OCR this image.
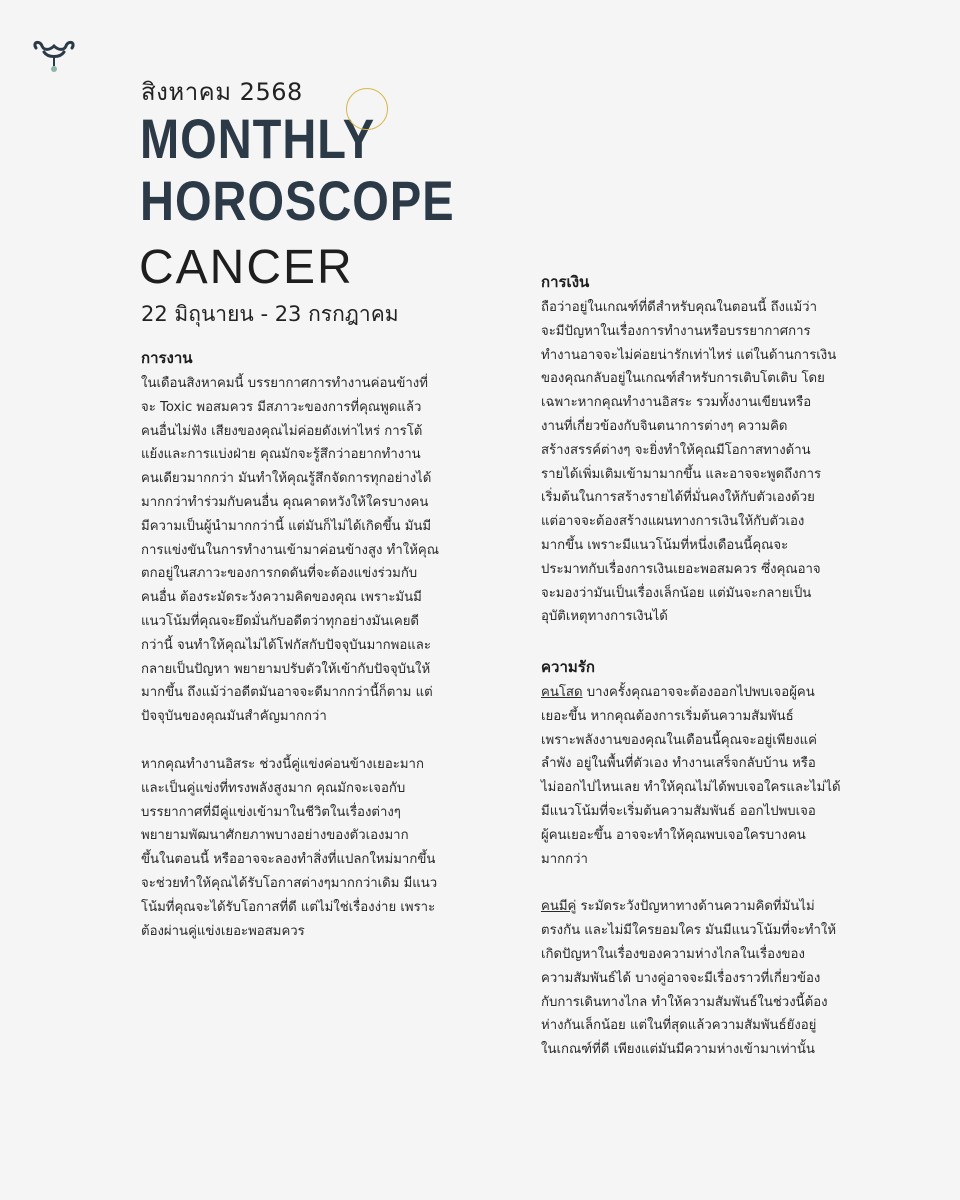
สิงหาคม 2568
MONTHLY
HOROSCOPE
CANCER
22 มิถุนายน - 23 กรกฎาคม
การงาน

ในเดือนสิงหาคมนี้ บรรยากาศการทำงานค่อนข้างที่
จะ Toxic พอสมควร มีสภาวะของการที่คุณพูดแล้ว
คนอื่นไม่ฟัง เสียงของคุณไม่ค่อยดังเท่าไหร่ การโต้
แย้งและการแบ่งฝ่าย คุณมักจะรู้สึกว่าอยากทำงาน
คนเดียวมากกว่า มันทำให้คุณรู้สึกจัดการทุกอย่างได้
มากกว่าทำร่วมกับคนอื่น คุณคาดหวังให้ใครบางคน
มีความเป็นผู้นำมากกว่านี้ แต่มันก็ไม่ได้เกิดขึ้น มันมี
การแข่งขันในการทำงานเข้ามาค่อนข้างสูง ทำให้คุณ
ตกอยู่ในสภาวะของการกดดันที่จะต้องแข่งร่วมกับ
คนอื่น ต้องระมัดระวังความคิดของคุณ เพราะมันมี
แนวโน้มที่คุณจะยึดมั่นกับอดีตว่าทุกอย่างมันเคยดี
กว่านี้ จนทำให้คุณไม่ได้โฟกัสกับปัจจุบันมากพอและ
กลายเป็นปัญหา พยายามปรับตัวให้เข้ากับปัจจุบันให้
มากขึ้น ถึงแม้ว่าอดีตมันอาจจะดีมากกว่านี้ก็ตาม แต่
ปัจจุบันของคุณมันสำคัญมากกว่า

หากคุณทำงานอิสระ ช่วงนี้คู่แข่งค่อนข้างเยอะมาก
และเป็นคู่แข่งที่ทรงพลังสูงมาก คุณมักจะเจอกับ
บรรยากาศที่มีคู่แข่งเข้ามาในชีวิตในเรื่องต่างๆ
พยายามพัฒนาศักยภาพบางอย่างของตัวเองมาก
ขึ้นในตอนนี้ หรืออาจจะลองทำสิ่งที่แปลกใหม่มากขึ้น
จะช่วยทำให้คุณได้รับโอกาสต่างๆมากกว่าเดิม มีแนว
โน้มที่คุณจะได้รับโอกาสที่ดี แต่ไม่ใช่เรื่องง่าย เพราะ
ต้องผ่านคู่แข่งเยอะพอสมควร

การเงิน

ถือว่าอยู่ในเกณฑ์ที่ดีสำหรับคุณในตอนนี้ ถึงแม้ว่า
จะมีปัญหาในเรื่องการทำงานหรือบรรยากาศการ
ทำงานอาจจะไม่ค่อยน่ารักเท่าไหร่ แต่ในด้านการเงิน
ของคุณกลับอยู่ในเกณฑ์สำหรับการเติบโตเติบ โดย
เฉพาะหากคุณทำงานอิสระ รวมทั้งงานเขียนหรือ
งานที่เกี่ยวข้องกับจินตนาการต่างๆ ความคิด
สร้างสรรค์ต่างๆ จะยิ่งทำให้คุณมีโอกาสทางด้าน
รายได้เพิ่มเติมเข้ามามากขึ้น และอาจจะพูดถึงการ
เริ่มต้นในการสร้างรายได้ที่มั่นคงให้กับตัวเองด้วย
แต่อาจจะต้องสร้างแผนทางการเงินให้กับตัวเอง
มากขึ้น เพราะมีแนวโน้มที่หนึ่งเดือนนี้คุณจะ
ประมาทกับเรื่องการเงินเยอะพอสมควร ซึ่งคุณอาจ
จะมองว่ามันเป็นเรื่องเล็กน้อย แต่มันจะกลายเป็น
อุบัติเหตุทางการเงินได้

ความรัก

คนโสด บางครั้งคุณอาจจะต้องออกไปพบเจอผู้คน
เยอะขึ้น หากคุณต้องการเริ่มต้นความสัมพันธ์
เพราะพลังงานของคุณในเดือนนี้คุณจะอยู่เพียงแค่
ลำพัง อยู่ในพื้นที่ตัวเอง ทำงานเสร็จกลับบ้าน หรือ
ไม่ออกไปไหนเลย ทำให้คุณไม่ได้พบเจอใครและไม่ได้
มีแนวโน้มที่จะเริ่มต้นความสัมพันธ์ ออกไปพบเจอ
ผู้คนเยอะขึ้น อาจจะทำให้คุณพบเจอใครบางคน
มากกว่า

คนมีคู่ ระมัดระวังปัญหาทางด้านความคิดที่มันไม่
ตรงกัน และไม่มีใครยอมใคร มันมีแนวโน้มที่จะทำให้
เกิดปัญหาในเรื่องของความห่างไกลในเรื่องของ
ความสัมพันธ์ได้ บางคู่อาจจะมีเรื่องราวที่เกี่ยวข้อง
กับการเดินทางไกล ทำให้ความสัมพันธ์ในช่วงนี้ต้อง
ห่างกันเล็กน้อย แต่ในที่สุดแล้วความสัมพันธ์ยังอยู่
ในเกณฑ์ที่ดี เพียงแต่มันมีความห่างเข้ามาเท่านั้น
